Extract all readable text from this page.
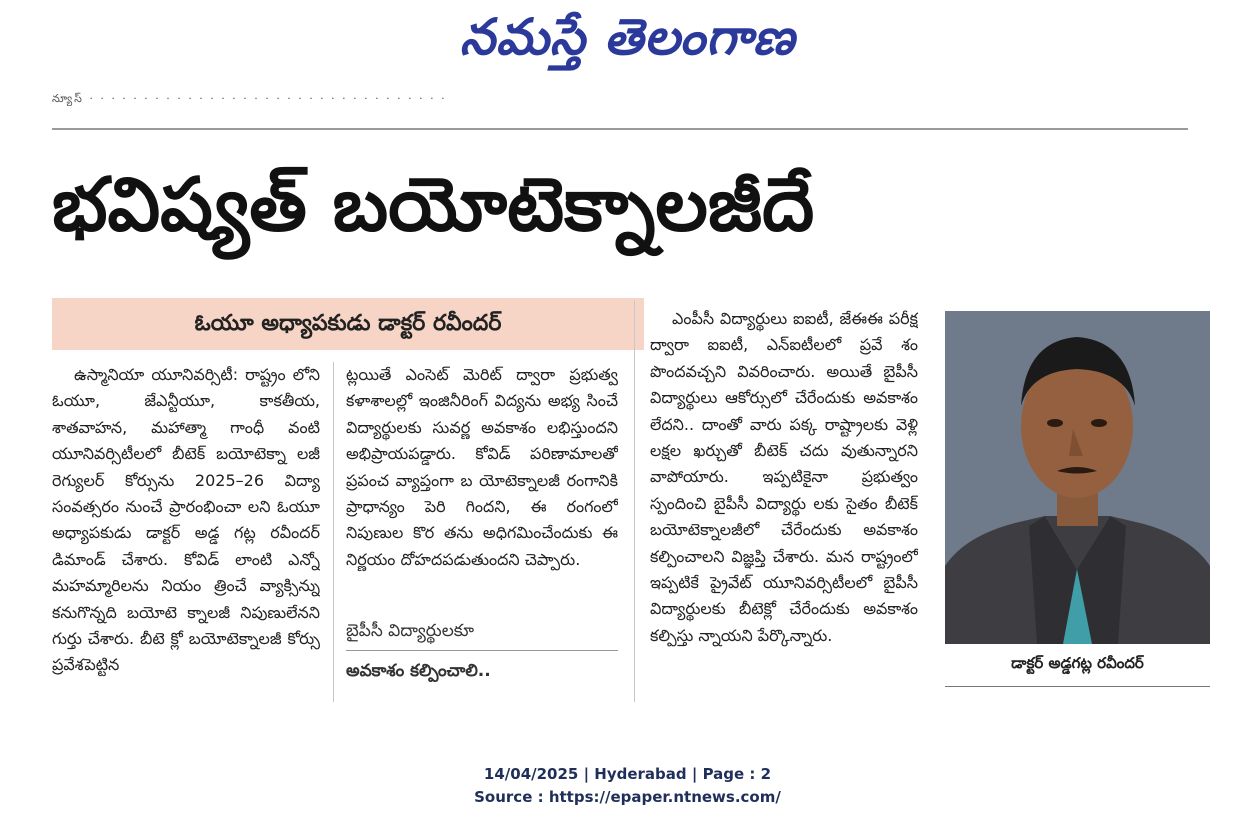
నమస్తే తెలంగాణ
న్యూస్ · · · · · · · · · · · · · · · · · · · · · · · · · · · · · · · · ·
భవిష్యత్ బయోటెక్నాలజీదే
ఓయూ అధ్యాపకుడు డాక్టర్ రవీందర్
ఉస్మానియా యూనివర్సిటీ: రాష్ట్రం లోని ఓయూ, జేఎన్టీయూ, కాకతీయ, శాతవాహన, మహాత్మా గాంధీ వంటి యూనివర్సిటీలలో బీటెక్ బయోటెక్నా లజీ రెగ్యులర్ కోర్సును 2025–26 విద్యా సంవత్సరం నుంచే ప్రారంభించా లని ఓయూ అధ్యాపకుడు డాక్టర్ అడ్డ గట్ల రవీందర్ డిమాండ్ చేశారు. కోవిడ్ లాంటి ఎన్నో మహమ్మారిలను నియం త్రించే వ్యాక్సిన్ను కనుగొన్నది బయోటె క్నాలజీ నిపుణులేనని గుర్తు చేశారు. బీటె క్లో బయోటెక్నాలజీ కోర్సు ప్రవేశపెట్టిన
ట్లయితే ఎంసెట్ మెరిట్ ద్వారా ప్రభుత్వ కళాశాలల్లో ఇంజినీరింగ్ విద్యను అభ్య సించే విద్యార్థులకు సువర్ణ అవకాశం లభిస్తుందని అభిప్రాయపడ్డారు. కోవిడ్ పరిణామాలతో ప్రపంచ వ్యాప్తంగా బ యోటెక్నాలజీ రంగానికి ప్రాధాన్యం పెరి గిందని, ఈ రంగంలో నిపుణుల కొర తను అధిగమించేందుకు ఈ నిర్ణయం దోహదపడుతుందని చెప్పారు.
బైపీసీ విద్యార్థులకూ
అవకాశం కల్పించాలి..
ఎంపీసీ విద్యార్థులు ఐఐటీ, జేఈఈ పరీక్ష ద్వారా ఐఐటీ, ఎన్ఐటీలలో ప్రవే శం పొందవచ్చని వివరించారు. అయితే బైపీసీ విద్యార్థులు ఆకోర్సులో చేరేందుకు అవకాశం లేదని.. దాంతో వారు పక్క రాష్ట్రాలకు వెళ్లి లక్షల ఖర్చుతో బీటెక్ చదు వుతున్నారని వాపోయారు. ఇప్పటికైనా ప్రభుత్వం స్పందించి బైపీసీ విద్యార్థు లకు సైతం బీటెక్ బయోటెక్నాలజీలో చేరేందుకు అవకాశం కల్పించాలని విజ్ఞప్తి చేశారు. మన రాష్ట్రంలో ఇప్పటికే ప్రైవేట్ యూనివర్సిటీలలో బైపీసీ విద్యార్థులకు బీటెక్లో చేరేందుకు అవకాశం కల్పిస్తు న్నాయని పేర్కొన్నారు.
డాక్టర్ అడ్డగట్ల రవీందర్
14/04/2025 | Hyderabad | Page : 2
Source : https://epaper.ntnews.com/
